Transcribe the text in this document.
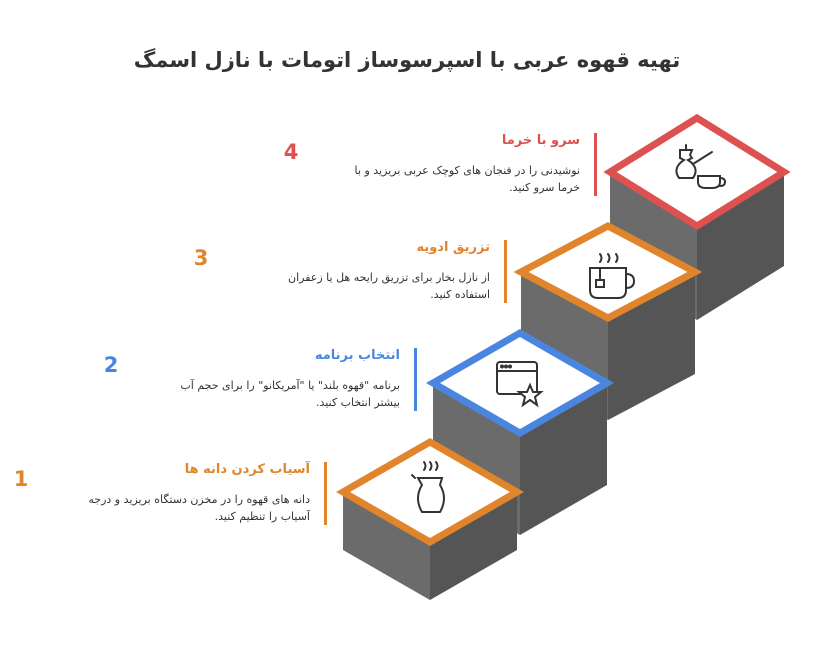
تهیه قهوه عربی با اسپرسوساز اتومات با نازل اسمگ
4	سرو با خرما
نوشیدنی را در فنجان های کوچک عربی بریزید و با خرما سرو کنید.
3	تزریق ادویه
از نازل بخار برای تزریق رایحه هل یا زعفران استفاده کنید.
2	انتخاب برنامه
برنامه "قهوه بلند" یا "آمریکانو" را برای حجم آب بیشتر انتخاب کنید.
1	آسیاب کردن دانه ها
دانه های قهوه را در مخزن دستگاه بریزید و درجه آسیاب را تنظیم کنید.
